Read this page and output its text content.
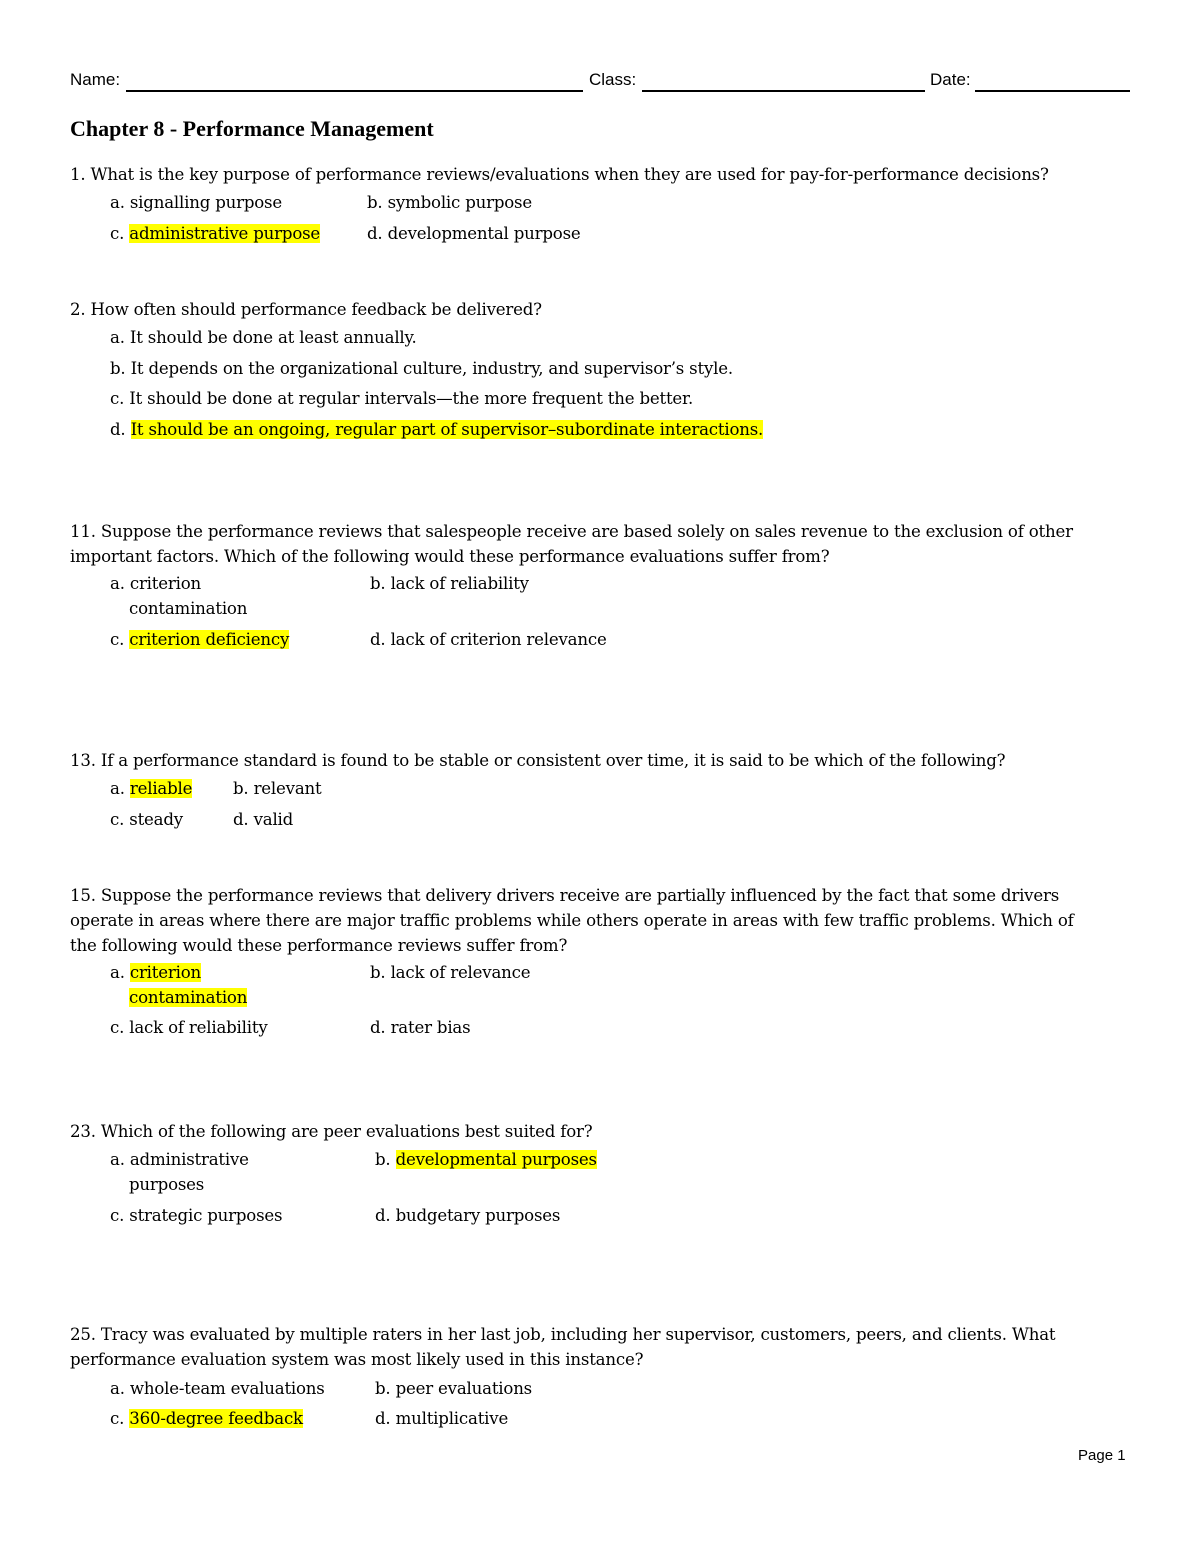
Name:	Class:	Date:
Chapter 8 - Performance Management
1. What is the key purpose of performance reviews/evaluations when they are used for pay-for-performance decisions?
a. signalling purpose	b. symbolic purpose
c. administrative purpose	d. developmental purpose
2. How often should performance feedback be delivered?
a. It should be done at least annually.
b. It depends on the organizational culture, industry, and supervisor’s style.
c. It should be done at regular intervals—the more frequent the better.
d. It should be an ongoing, regular part of supervisor–subordinate interactions.
11. Suppose the performance reviews that salespeople receive are based solely on sales revenue to the exclusion of other
important factors. Which of the following would these performance evaluations suffer from?
a. criterion
contamination
b. lack of reliability
c. criterion deficiency	d. lack of criterion relevance
13. If a performance standard is found to be stable or consistent over time, it is said to be which of the following?
a. reliable b. relevant
c. steady	d. valid
15. Suppose the performance reviews that delivery drivers receive are partially influenced by the fact that some drivers
operate in areas where there are major traffic problems while others operate in areas with few traffic problems. Which of
the following would these performance reviews suffer from?
a. criterion
contamination
b. lack of relevance
c. lack of reliability	d. rater bias
23. Which of the following are peer evaluations best suited for?
a. administrative
purposes
b. developmental purposes
c. strategic purposes	d. budgetary purposes
25. Tracy was evaluated by multiple raters in her last job, including her supervisor, customers, peers, and clients. What
performance evaluation system was most likely used in this instance?
a. whole-team evaluations	b. peer evaluations
c. 360-degree feedback	d. multiplicative
Page 1
